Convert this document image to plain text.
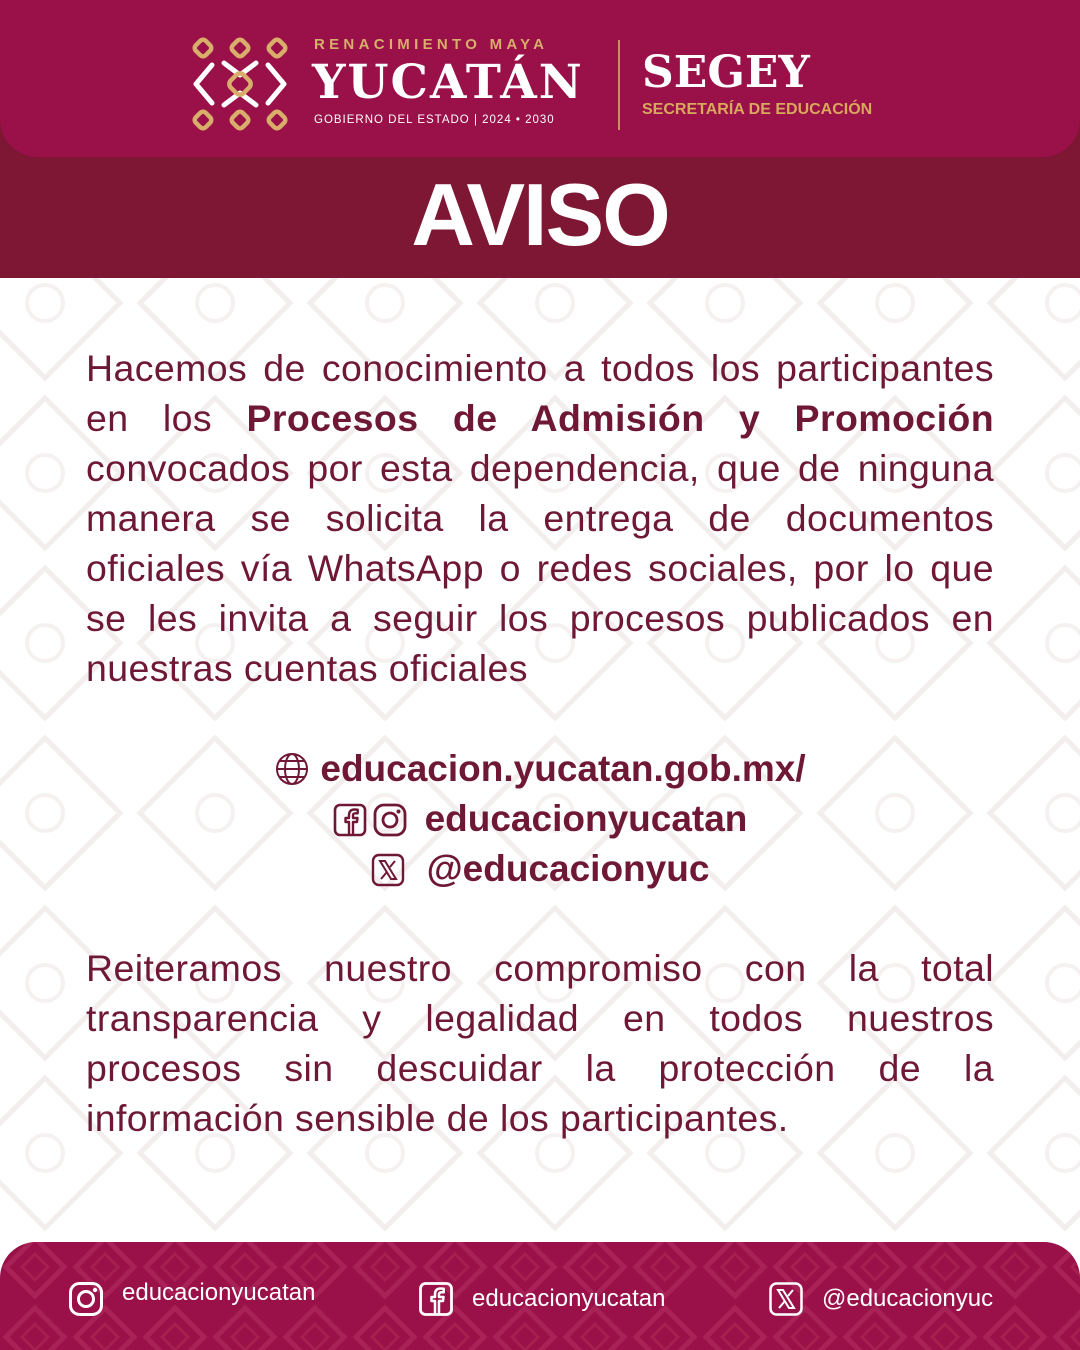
RENACIMIENTO MAYA
YUCATÁN
GOBIERNO DEL ESTADO | 2024 • 2030
SEGEY
SECRETARÍA DE EDUCACIÓN
AVISO
Hacemos de conocimiento a todos los participantes en los Procesos de Admisión y Promoción convocados por esta dependencia, que de ninguna manera se solicita la entrega de documentos oficiales vía WhatsApp o redes sociales, por lo que se les invita a seguir los procesos publicados en nuestras cuentas oficiales
educacion.yucatan.gob.mx/
educacionyucatan
@educacionyuc
Reiteramos nuestro compromiso con la total transparencia y legalidad en todos nuestros procesos sin descuidar la protección de la información sensible de los participantes.
educacionyucatan	educacionyucatan	@educacionyuc
